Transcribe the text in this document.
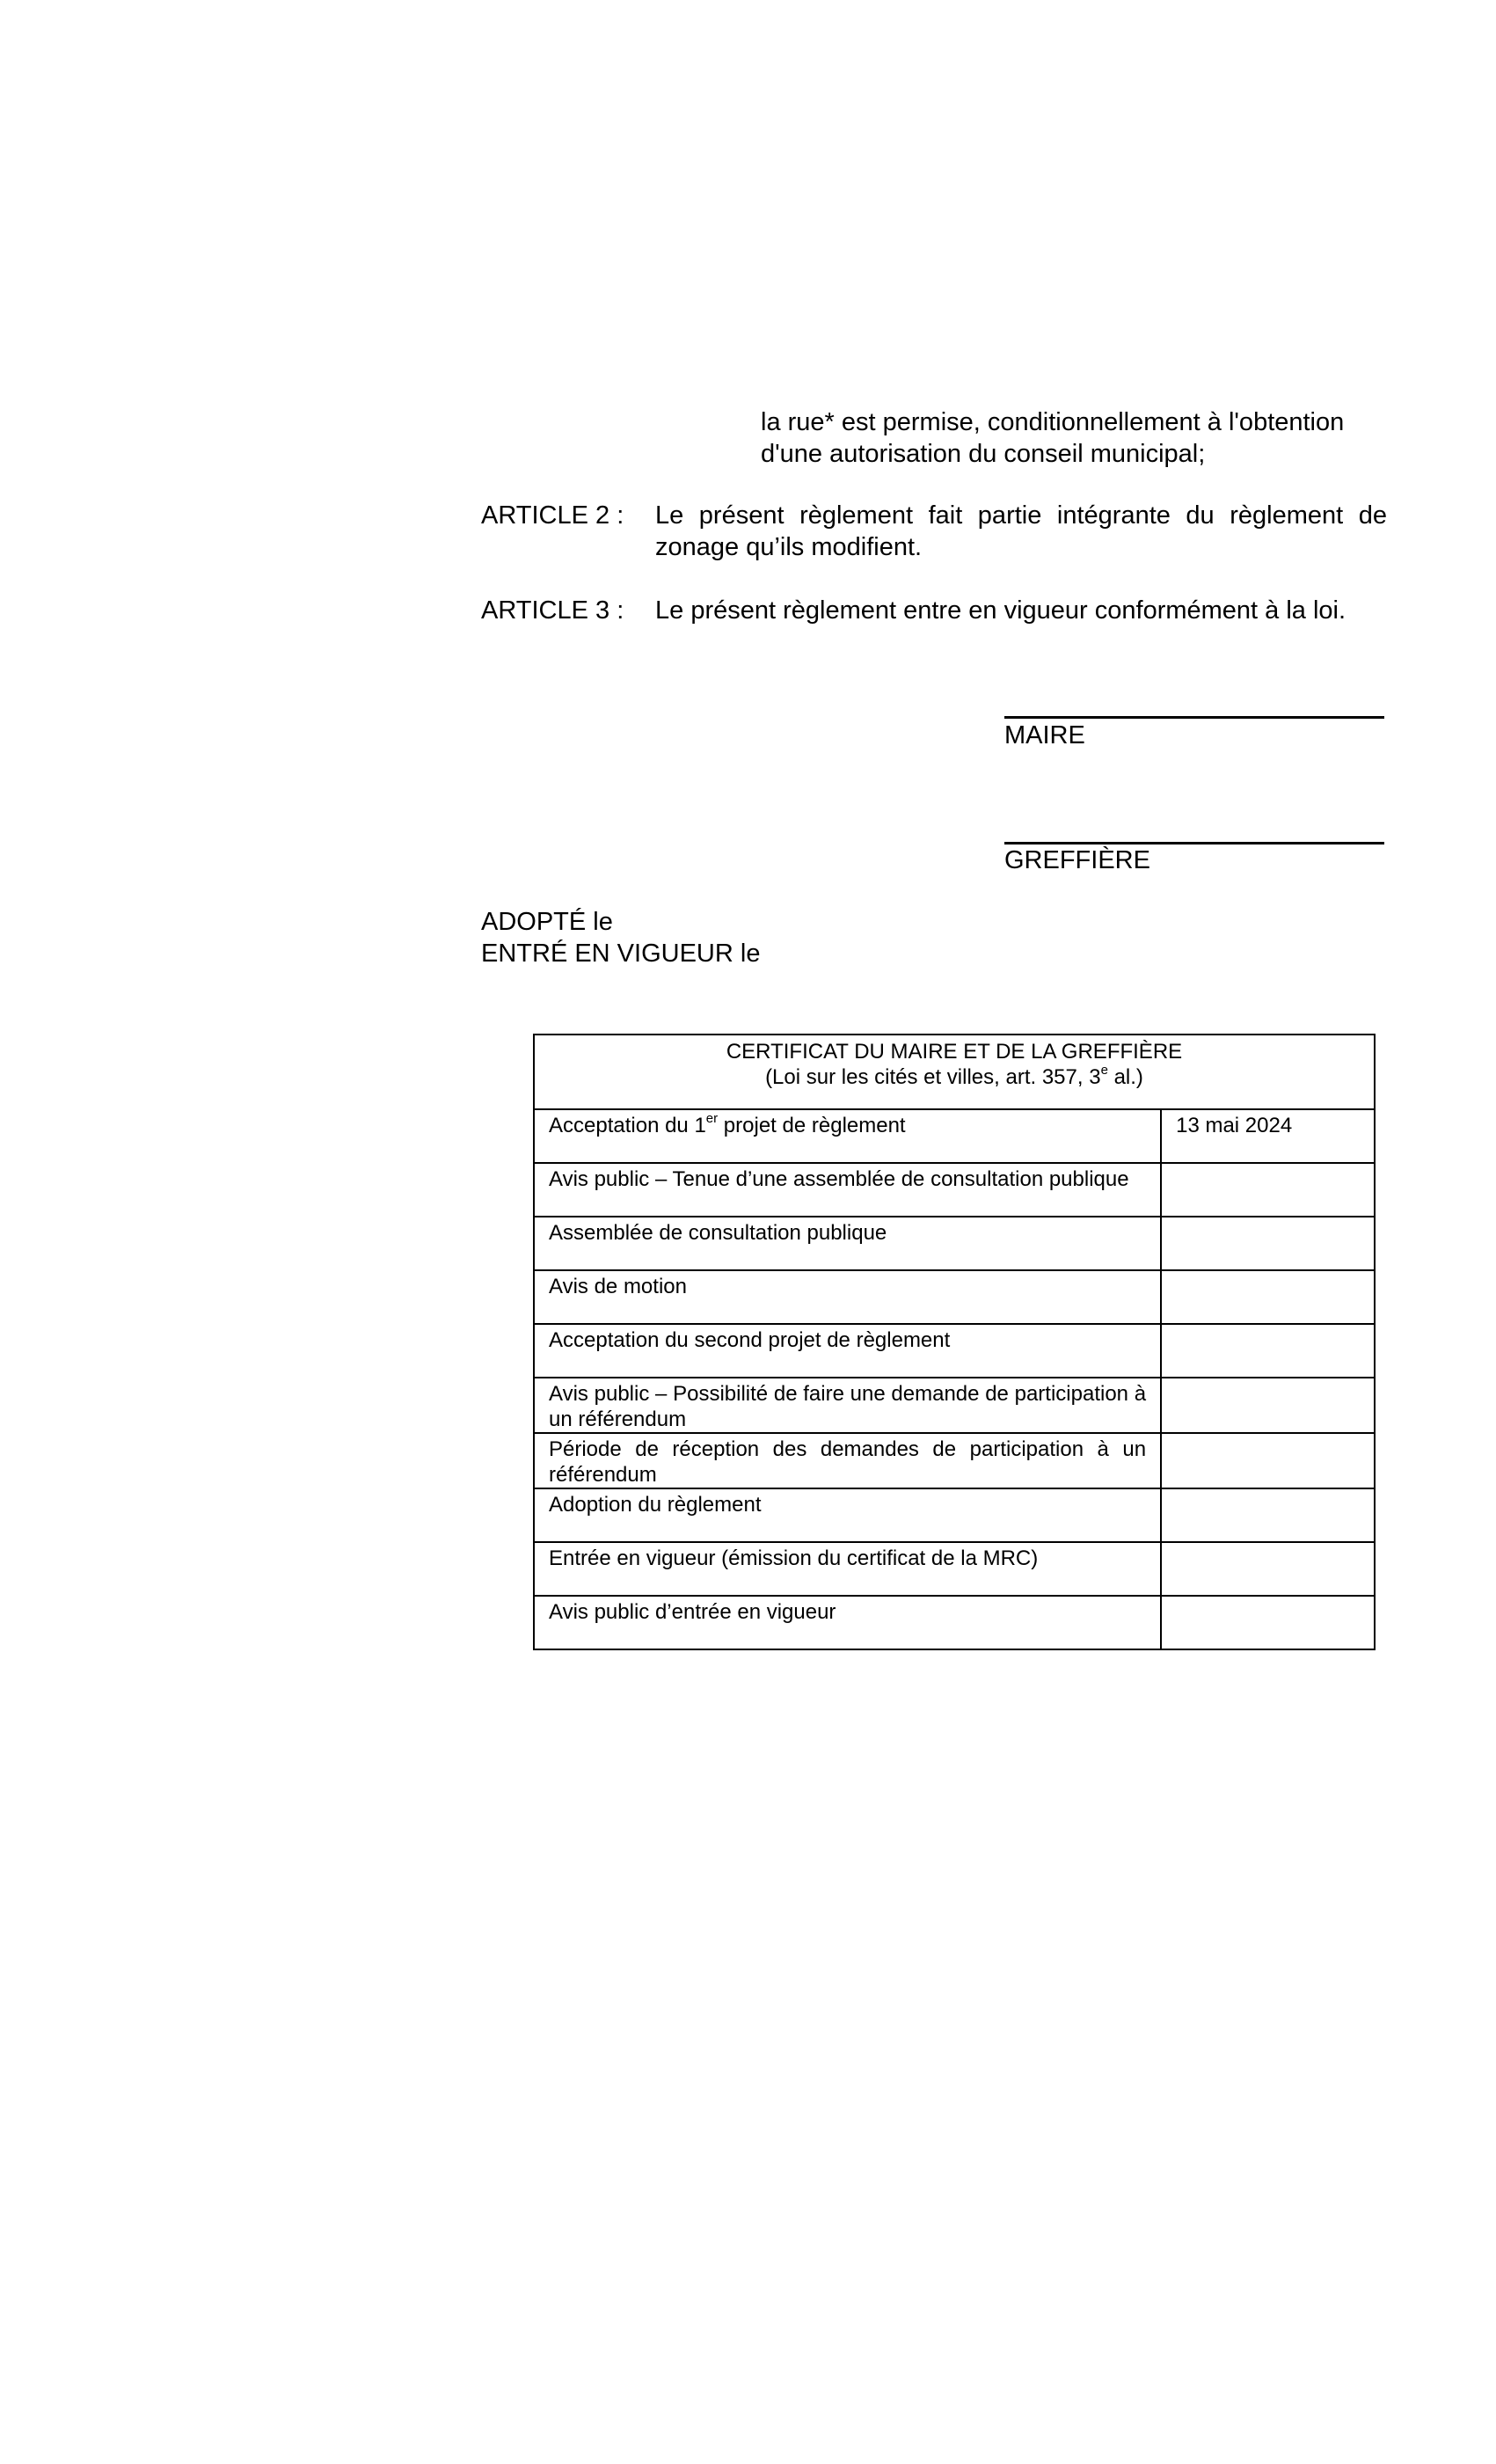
la rue* est permise, conditionnellement à l'obtention
d'une autorisation du conseil municipal;
ARTICLE 2 : Le présent règlement fait partie intégrante du règlement de zonage qu’ils modifient.
ARTICLE 3 : Le présent règlement entre en vigueur conformément à la loi.
MAIRE
GREFFIÈRE
ADOPTÉ le
ENTRÉ EN VIGUEUR le
CERTIFICAT DU MAIRE ET DE LA GREFFIÈRE
(Loi sur les cités et villes, art. 357, 3e al.)	

Acceptation du 1er projet de règlement	13 mai 2024
Avis public – Tenue d’une assemblée de consultation publique	
Assemblée de consultation publique	
Avis de motion	
Acceptation du second projet de règlement	
Avis public – Possibilité de faire une demande de participation à un référendum	
Période de réception des demandes de participation à un référendum	
Adoption du règlement	
Entrée en vigueur (émission du certificat de la MRC)	
Avis public d’entrée en vigueur	
